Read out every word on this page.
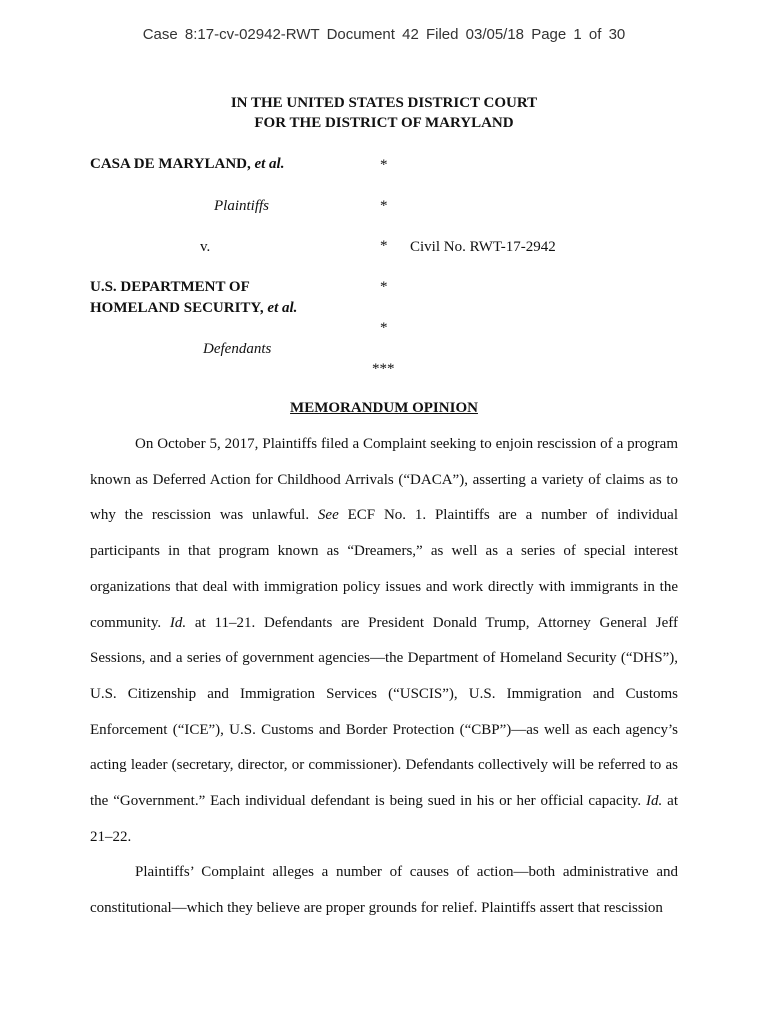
Case 8:17-cv-02942-RWT Document 42 Filed 03/05/18 Page 1 of 30
IN THE UNITED STATES DISTRICT COURT
FOR THE DISTRICT OF MARYLAND
CASA DE MARYLAND, et al.
Plaintiffs
v.	Civil No. RWT-17-2942
U.S. DEPARTMENT OF
HOMELAND SECURITY, et al.
Defendants
*
*
*
*
*
***
MEMORANDUM OPINION

On October 5, 2017, Plaintiffs filed a Complaint seeking to enjoin rescission of a program known as Deferred Action for Childhood Arrivals (“DACA”), asserting a variety of claims as to why the rescission was unlawful. See ECF No. 1. Plaintiffs are a number of individual participants in that program known as “Dreamers,” as well as a series of special interest organizations that deal with immigration policy issues and work directly with immigrants in the community. Id. at 11–21. Defendants are President Donald Trump, Attorney General Jeff Sessions, and a series of government agencies—the Department of Homeland Security (“DHS”), U.S. Citizenship and Immigration Services (“USCIS”), U.S. Immigration and Customs Enforcement (“ICE”), U.S. Customs and Border Protection (“CBP”)—as well as each agency’s acting leader (secretary, director, or commissioner). Defendants collectively will be referred to as the “Government.” Each individual defendant is being sued in his or her official capacity. Id. at 21–22.

Plaintiffs’ Complaint alleges a number of causes of action—both administrative and constitutional—which they believe are proper grounds for relief. Plaintiffs assert that rescission
